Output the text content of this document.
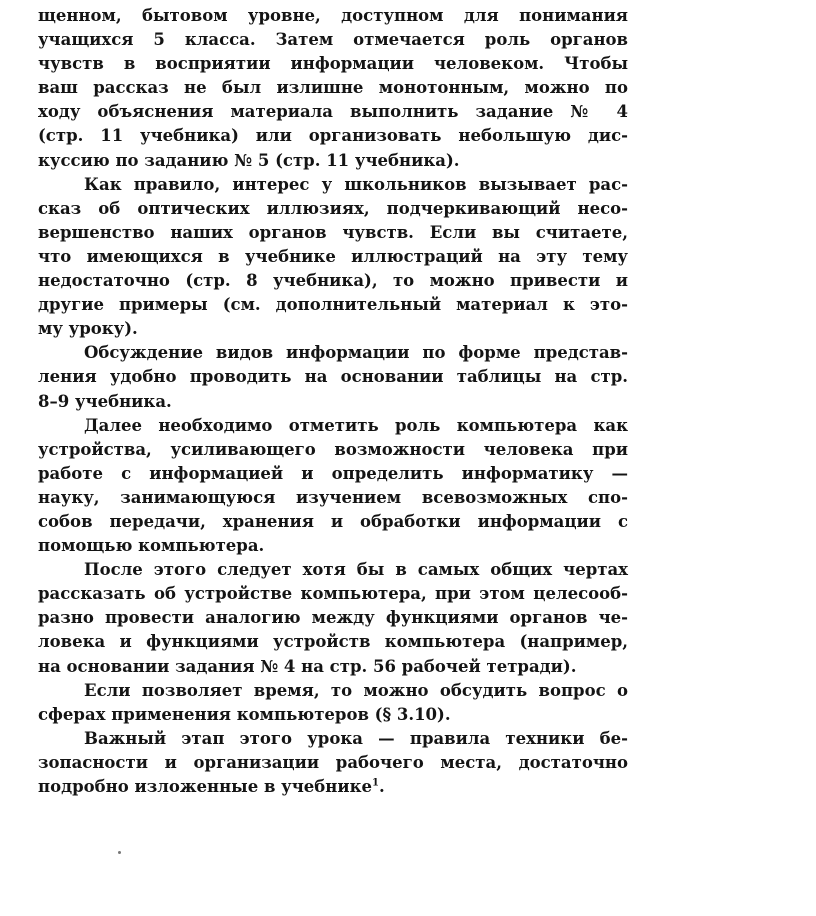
щенном, бытовом уровне, доступном для понимания
учащихся 5 класса. Затем отмечается роль органов
чувств в восприятии информации человеком. Чтобы
ваш рассказ не был излишне монотонным, можно по
ходу объяснения материала выполнить задание № 4
(стр. 11 учебника) или организовать небольшую дис-
куссию по заданию № 5 (стр. 11 учебника).
Как правило, интерес у школьников вызывает рас-
сказ об оптических иллюзиях, подчеркивающий несо-
вершенство наших органов чувств. Если вы считаете,
что имеющихся в учебнике иллюстраций на эту тему
недостаточно (стр. 8 учебника), то можно привести и
другие примеры (см. дополнительный материал к это-
му уроку).
Обсуждение видов информации по форме представ-
ления удобно проводить на основании таблицы на стр.
8–9 учебника.
Далее необходимо отметить роль компьютера как
устройства, усиливающего возможности человека при
работе с информацией и определить информатику —
науку, занимающуюся изучением всевозможных спо-
собов передачи, хранения и обработки информации с
помощью компьютера.
После этого следует хотя бы в самых общих чертах
рассказать об устройстве компьютера, при этом целесооб-
разно провести аналогию между функциями органов че-
ловека и функциями устройств компьютера (например,
на основании задания № 4 на стр. 56 рабочей тетради).
Если позволяет время, то можно обсудить вопрос о
сферах применения компьютеров (§ 3.10).
Важный этап этого урока — правила техники бе-
зопасности и организации рабочего места, достаточно
подробно изложенные в учебнике$^1$.
